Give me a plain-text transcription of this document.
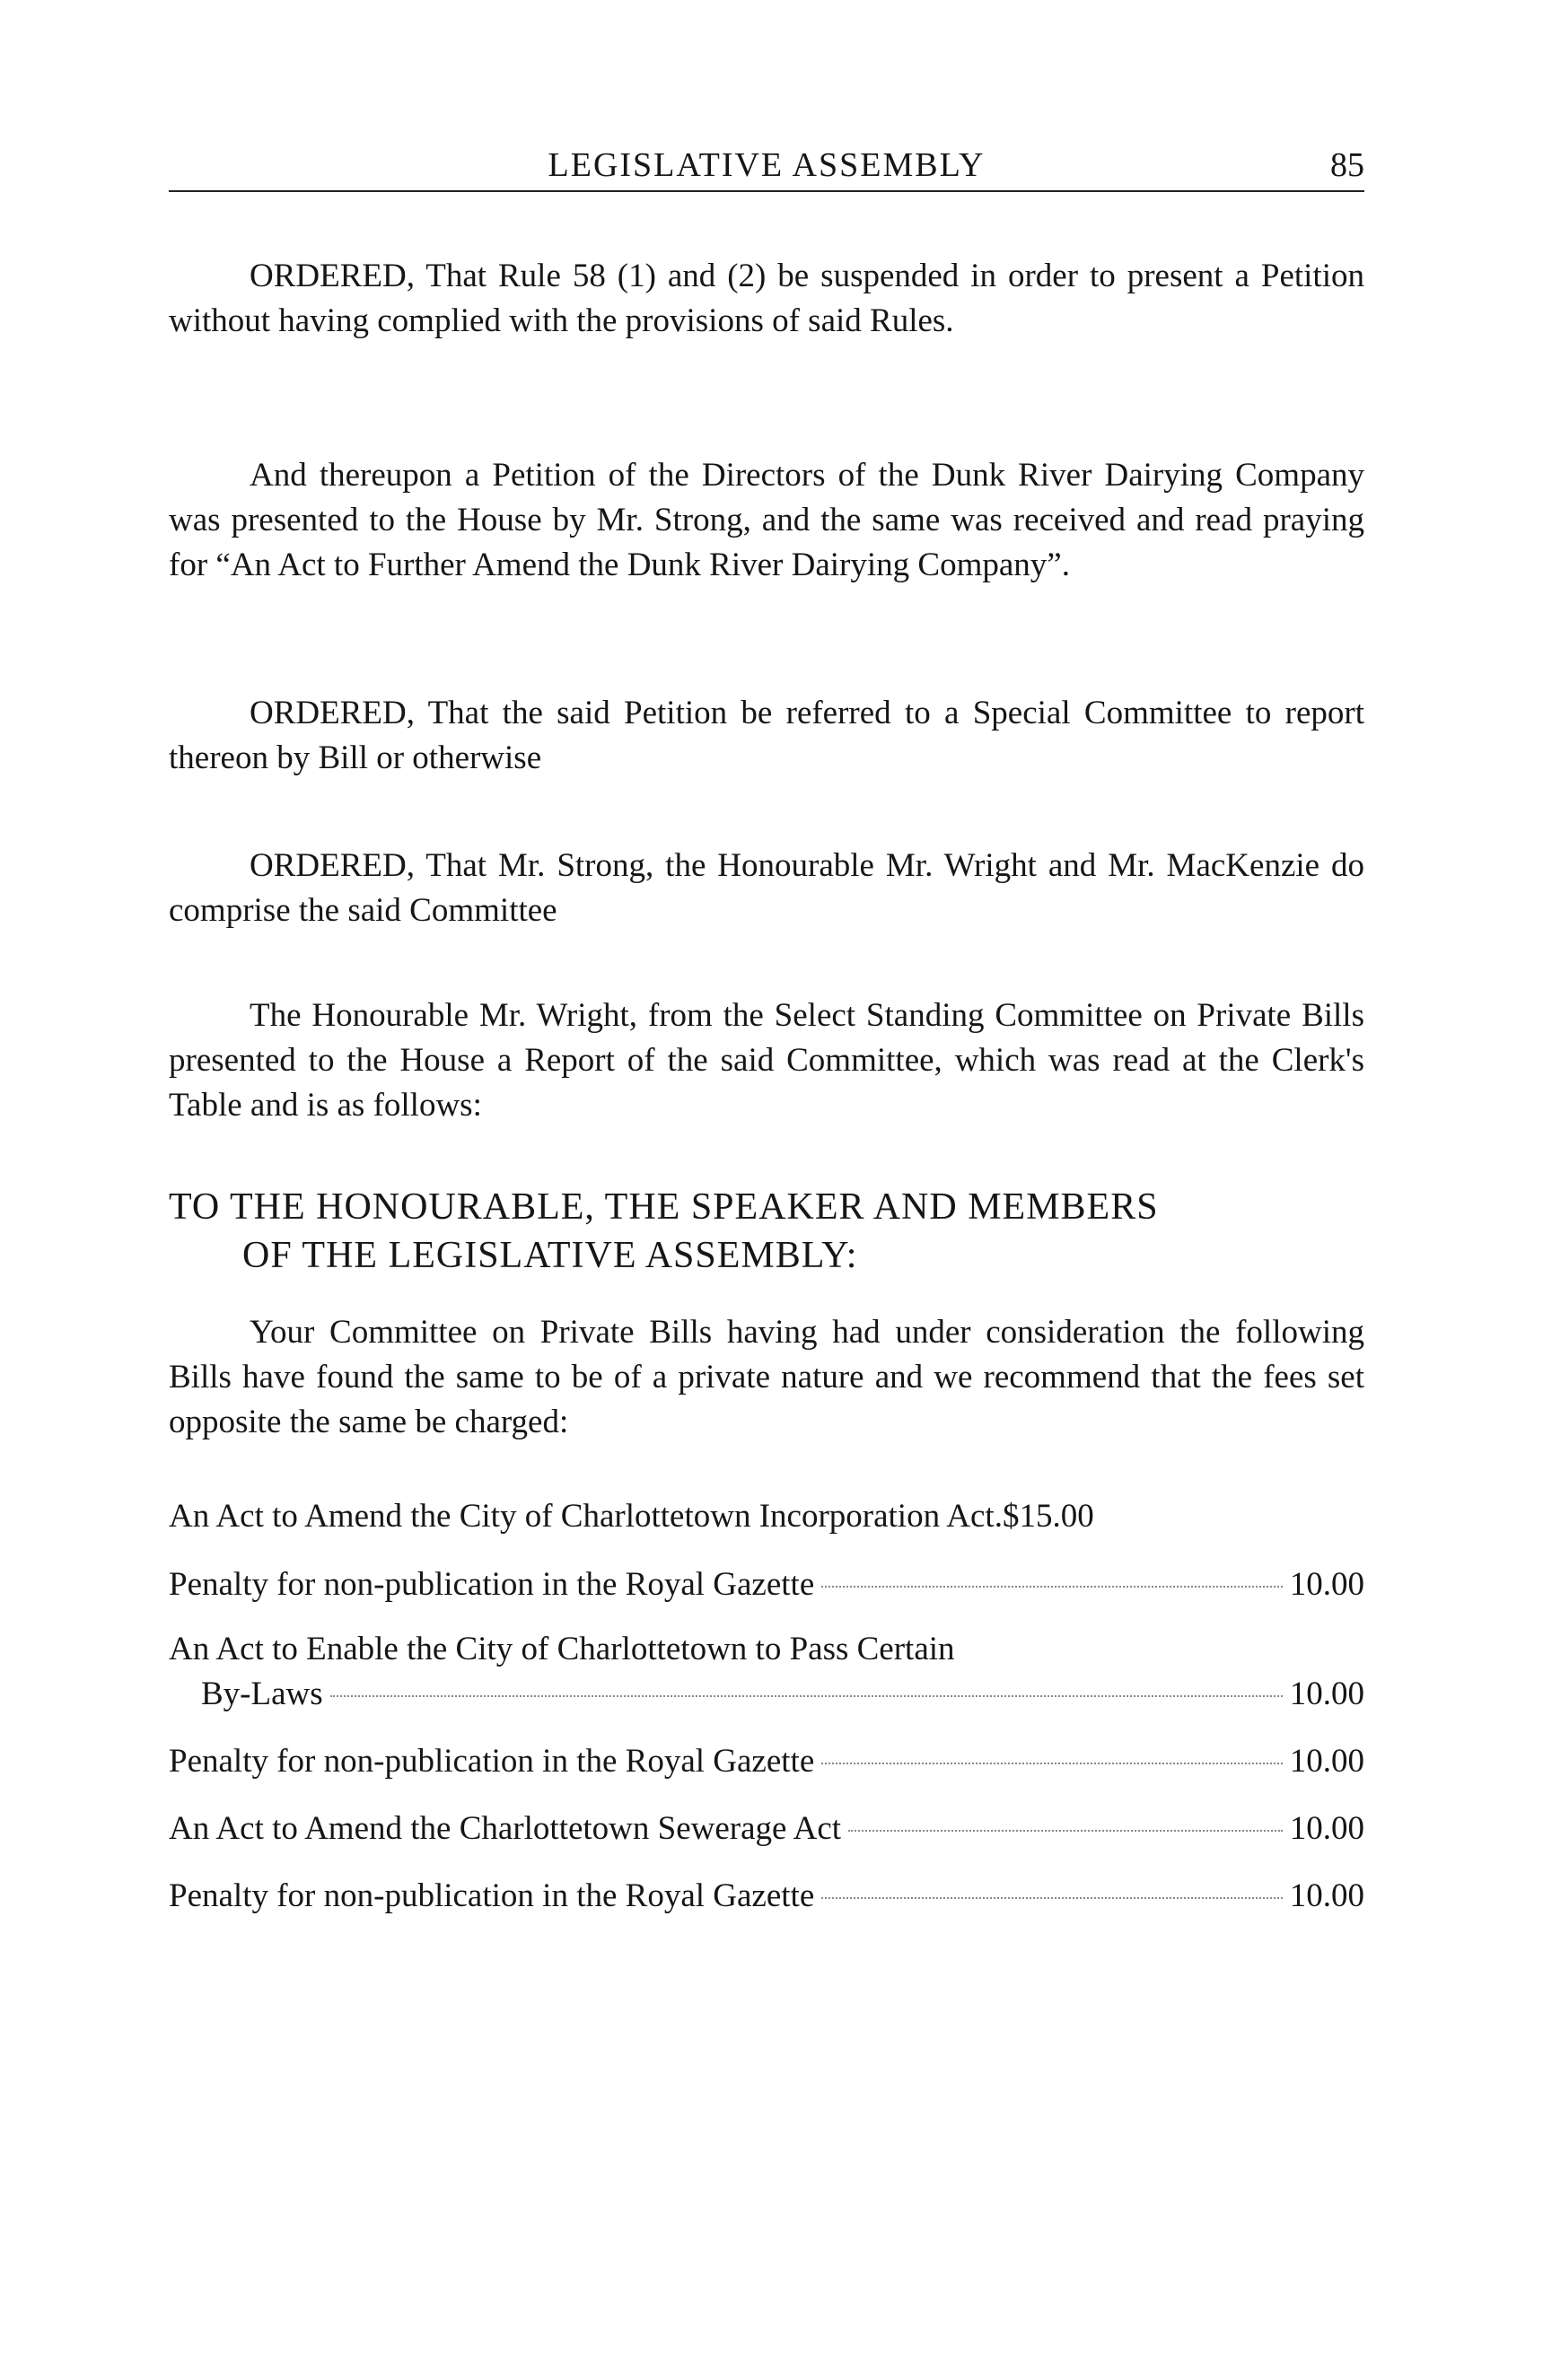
LEGISLATIVE ASSEMBLY	85

ORDERED, That Rule 58 (1) and (2) be suspended in order to present a Petition without having complied with the provisions of said Rules.

And thereupon a Petition of the Directors of the Dunk River Dairying Company was presented to the House by Mr. Strong, and the same was received and read praying for “An Act to Further Amend the Dunk River Dairying Company”.

ORDERED, That the said Petition be referred to a Special Committee to report thereon by Bill or otherwise

ORDERED, That Mr. Strong, the Honourable Mr. Wright and Mr. MacKenzie do comprise the said Committee

The Honourable Mr. Wright, from the Select Standing Committee on Private Bills presented to the House a Report of the said Committee, which was read at the Clerk's Table and is as follows:

TO THE HONOURABLE, THE SPEAKER AND MEMBERS
OF THE LEGISLATIVE ASSEMBLY:

Your Committee on Private Bills having had under consideration the following Bills have found the same to be of a private nature and we recommend that the fees set opposite the same be charged:

An Act to Amend the City of Charlottetown Incorporation Act. $15.00
Penalty for non-publication in the Royal Gazette	10.00
An Act to Enable the City of Charlottetown to Pass Certain
By-Laws	10.00
Penalty for non-publication in the Royal Gazette	10.00
An Act to Amend the Charlottetown Sewerage Act	10.00
Penalty for non-publication in the Royal Gazette	10.00
